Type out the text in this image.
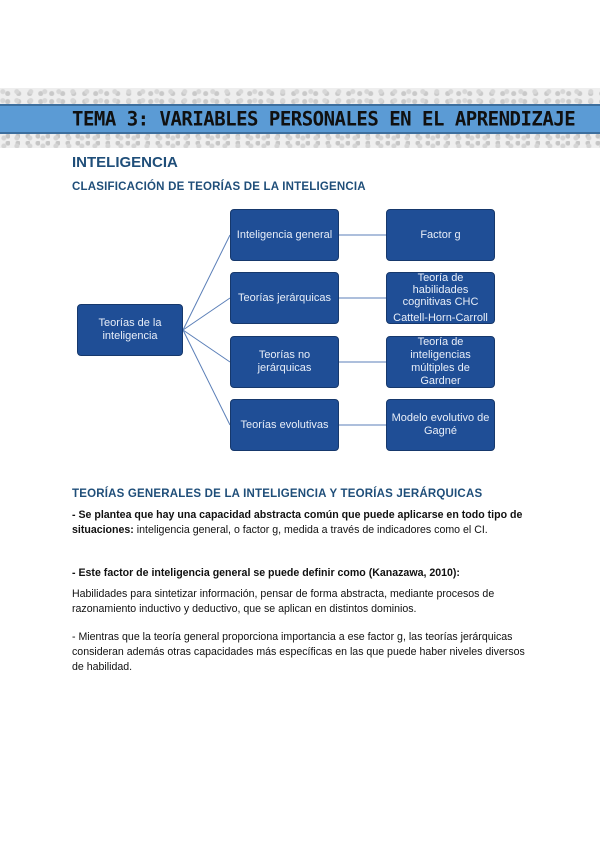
TEMA 3: VARIABLES PERSONALES EN EL APRENDIZAJE
INTELIGENCIA
CLASIFICACIÓN DE TEORÍAS DE LA INTELIGENCIA
Teorías de la
inteligencia
Inteligencia general
Teorías jerárquicas
Teorías no
jerárquicas
Teorías evolutivas
Factor g
Teoría de habilidades
cognitivas CHC
Cattell-Horn-Carroll
Teoría de inteligencias
múltiples de Gardner
Modelo evolutivo de
Gagné
TEORÍAS GENERALES DE LA INTELIGENCIA Y TEORÍAS JERÁRQUICAS
- Se plantea que hay una capacidad abstracta común que puede aplicarse en todo tipo de situaciones: inteligencia general, o factor g, medida a través de indicadores como el CI.
- Este factor de inteligencia general se puede definir como (Kanazawa, 2010):
Habilidades para sintetizar información, pensar de forma abstracta, mediante procesos de razonamiento inductivo y deductivo, que se aplican en distintos dominios.
- Mientras que la teoría general proporciona importancia a ese factor g, las teorías jerárquicas consideran además otras capacidades más específicas en las que puede haber niveles diversos de habilidad.
